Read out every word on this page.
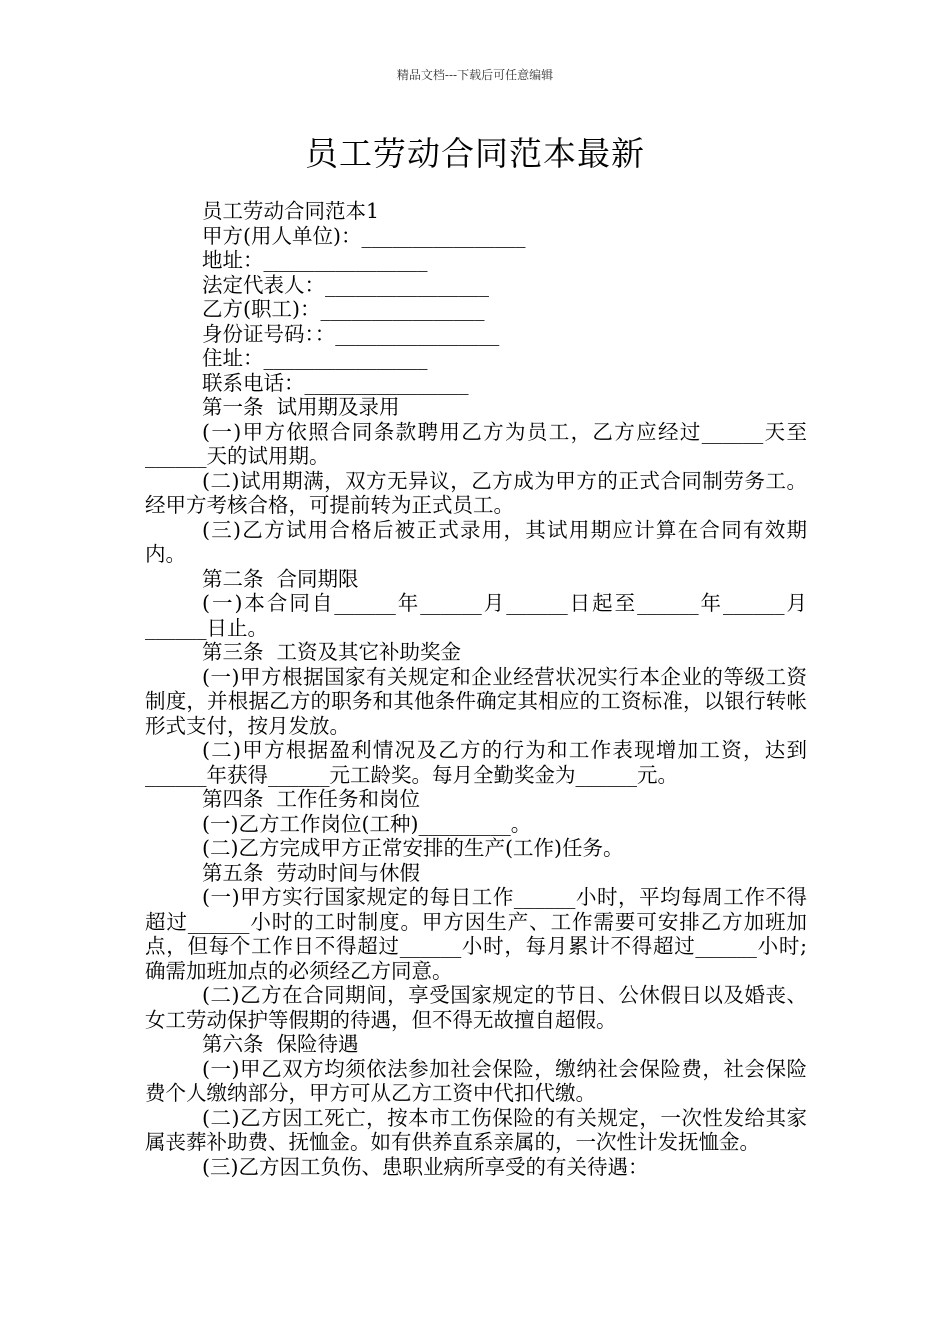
精品文档---下载后可任意编辑
员工劳动合同范本最新

员工劳动合同范本1

甲方(用人单位)：________________

地址：________________

法定代表人：________________

乙方(职工)：________________

身份证号码：：________________

住址：________________

联系电话：________________

第一条  试用期及录用

(一)甲方依照合同条款聘用乙方为员工，乙方应经过______天至______天的试用期。

(二)试用期满，双方无异议，乙方成为甲方的正式合同制劳务工。经甲方考核合格，可提前转为正式员工。

(三)乙方试用合格后被正式录用，其试用期应计算在合同有效期内。

第二条  合同期限

(一)本合同自______年______月______日起至______年______月______日止。

第三条  工资及其它补助奖金

(一)甲方根据国家有关规定和企业经营状况实行本企业的等级工资制度，并根据乙方的职务和其他条件确定其相应的工资标准，以银行转帐形式支付，按月发放。

(二)甲方根据盈利情况及乙方的行为和工作表现增加工资，达到______年获得______元工龄奖。每月全勤奖金为______元。

第四条  工作任务和岗位

(一)乙方工作岗位(工种)_________。

(二)乙方完成甲方正常安排的生产(工作)任务。

第五条  劳动时间与休假

(一)甲方实行国家规定的每日工作______小时，平均每周工作不得超过______小时的工时制度。甲方因生产、工作需要可安排乙方加班加点，但每个工作日不得超过______小时，每月累计不得超过______小时;确需加班加点的必须经乙方同意。

(二)乙方在合同期间，享受国家规定的节日、公休假日以及婚丧、女工劳动保护等假期的待遇，但不得无故擅自超假。

第六条  保险待遇

(一)甲乙双方均须依法参加社会保险，缴纳社会保险费，社会保险费个人缴纳部分，甲方可从乙方工资中代扣代缴。

(二)乙方因工死亡，按本市工伤保险的有关规定，一次性发给其家属丧葬补助费、抚恤金。如有供养直系亲属的，一次性计发抚恤金。

(三)乙方因工负伤、患职业病所享受的有关待遇：
